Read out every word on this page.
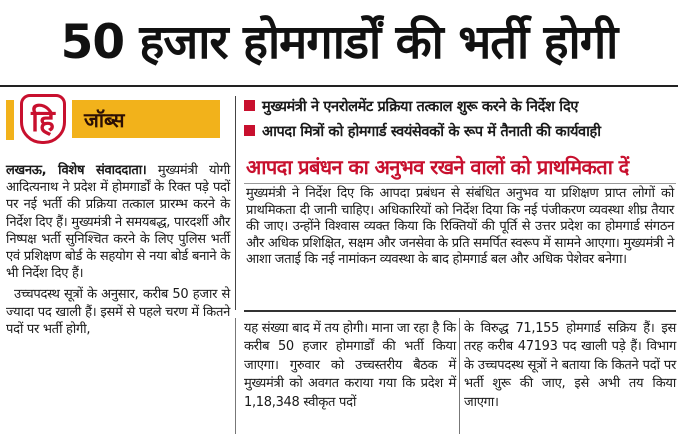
50 हजार होमगार्डों की भर्ती होगी
हि	जॉब्स
मुख्यमंत्री ने एनरोलमेंट प्रक्रिया तत्काल शुरू करने के निर्देश दिए
आपदा मित्रों को होमगार्ड स्वयंसेवकों के रूप में तैनाती की कार्यवाही
आपदा प्रबंधन का अनुभव रखने वालों को प्राथमिकता दें
मुख्यमंत्री ने निर्देश दिए कि आपदा प्रबंधन से संबंधित अनुभव या प्रशिक्षण प्राप्त लोगों को प्राथमिकता दी जानी चाहिए। अधिकारियों को निर्देश दिया कि नई पंजीकरण व्यवस्था शीघ्र तैयार की जाए। उन्होंने विश्वास व्यक्त किया कि रिक्तियों की पूर्ति से उत्तर प्रदेश का होमगार्ड संगठन और अधिक प्रशिक्षित, सक्षम और जनसेवा के प्रति समर्पित स्वरूप में सामने आएगा। मुख्यमंत्री ने आशा जताई कि नई नामांकन व्यवस्था के बाद होमगार्ड बल और अधिक पेशेवर बनेगा।

लखनऊ, विशेष संवाददाता। मुख्यमंत्री योगी आदित्यनाथ ने प्रदेश में होमगार्डों के रिक्त पड़े पदों पर नई भर्ती की प्रक्रिया तत्काल प्रारम्भ करने के निर्देश दिए हैं। मुख्यमंत्री ने समयबद्ध, पारदर्शी और निष्पक्ष भर्ती सुनिश्चित करने के लिए पुलिस भर्ती एवं प्रशिक्षण बोर्ड के सहयोग से नया बोर्ड बनाने के भी निर्देश दिए हैं।

उच्चपदस्थ सूत्रों के अनुसार, करीब 50 हजार से ज्यादा पद खाली हैं। इसमें से पहले चरण में कितने पदों पर भर्ती होगी,	यह संख्या बाद में तय होगी। माना जा रहा है कि करीब 50 हजार होमगार्डों की भर्ती किया जाएगा। गुरुवार को उच्चस्तरीय बैठक में मुख्यमंत्री को अवगत कराया गया कि प्रदेश में 1,18,348 स्वीकृत पदों
के विरुद्ध 71,155 होमगार्ड सक्रिय हैं। इस तरह करीब 47193 पद खाली पड़े हैं। विभाग के उच्चपदस्थ सूत्रों ने बताया कि कितने पदों पर भर्ती शुरू की जाए, इसे अभी तय किया जाएगा।
